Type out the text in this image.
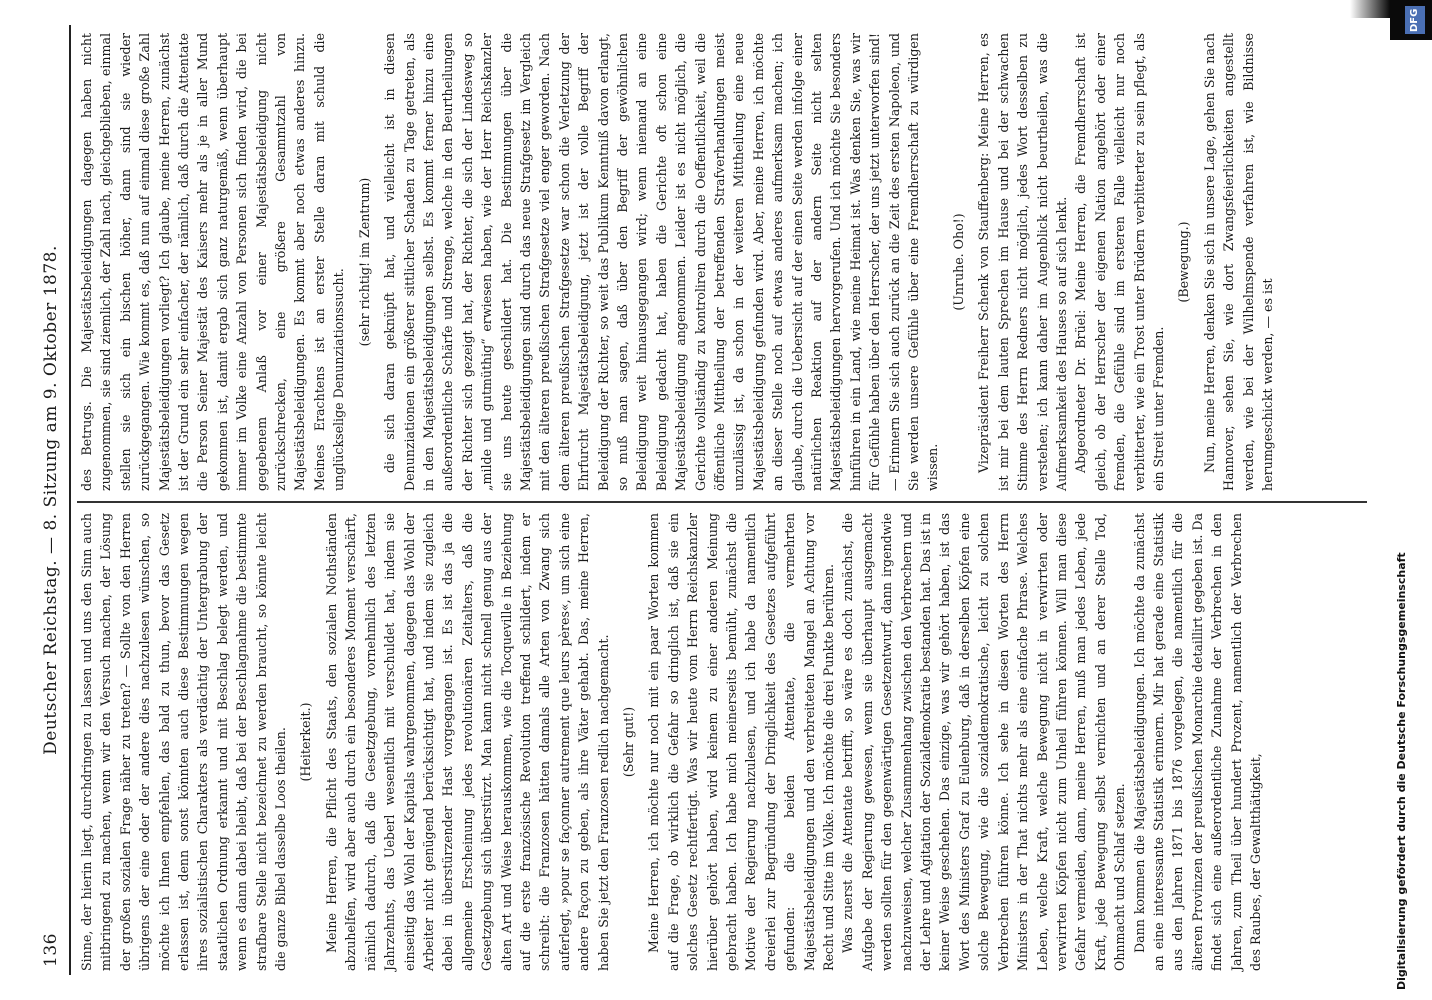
DFG
Digitalisierung gefördert durch die Deutsche Forschungsgemeinschaft
136
Deutscher Reichstag. — 8. Sitzung am 9. Oktober 1878. Sinne, der hierin liegt, durchdringen zu lassen und uns den Sinn auch mitbringend zu machen, wenn wir den Versuch machen, der Lösung der großen sozialen Frage näher zu treten? — Sollte von den Herren übrigens der eine oder der andere dies nachzulesen wünschen, so möchte ich Ihnen empfehlen, das bald zu thun, bevor das Gesetz erlassen ist, denn sonst könnten auch diese Bestimmungen wegen ihres sozialistischen Charakters als verdächtig der Untergrabung der staatlichen Ordnung erkannt und mit Beschlag belegt werden, und wenn es dann dabei bleibt, daß bei der Beschlagnahme die bestimmte strafbare Stelle nicht bezeichnet zu werden braucht, so könnte leicht die ganze Bibel dasselbe Loos theilen. (Heiterkeit.) Meine Herren, die Pflicht des Staats, den sozialen Nothständen abzuhelfen, wird aber auch durch ein besonderes Moment verschärft, nämlich dadurch, daß die Gesetzgebung, vornehmlich des letzten Jahrzehnts, das Ueberl wesentlich mit verschuldet hat, indem sie einseitig das Wohl der Kapitals wahrgenommen, dagegen das Wohl der Arbeiter nicht genügend berücksichtigt hat, und indem sie zugleich dabei in überstürzender Hast vorgegangen ist. Es ist das ja die allgemeine Erscheinung jedes revolutionären Zeitalters, daß die Gesetzgebung sich überstürzt. Man kann nicht schnell genug aus der alten Art und Weise herauskommen, wie die Tocqueville in Beziehung auf die erste französische Revolution treffend schildert, indem er schreibt: die Franzosen hätten damals alle Arten von Zwang sich auferlegt, »pour se façonner autrement que leurs pères«, um sich eine andere Façon zu geben, als ihre Väter gehabt. Das, meine Herren, haben Sie jetzt den Franzosen redlich nachgemacht. (Sehr gut!) Meine Herren, ich möchte nur noch mit ein paar Worten kommen auf die Frage, ob wirklich die Gefahr so dringlich ist, daß sie ein solches Gesetz rechtfertigt. Was wir heute vom Herrn Reichskanzler hierüber gehört haben, wird keinem zu einer anderen Meinung gebracht haben. Ich habe mich meinerseits bemüht, zunächst die Motive der Regierung nachzulesen, und ich habe da namentlich dreierlei zur Begründung der Dringlichkeit des Gesetzes aufgeführt gefunden: die beiden Attentate, die vermehrten Majestätsbeleidigungen und den verbreiteten Mangel an Achtung vor Recht und Sitte im Volke. Ich möchte die drei Punkte berühren. Was zuerst die Attentate betrifft, so wäre es doch zunächst, die Aufgabe der Regierung gewesen, wenn sie überhaupt ausgemacht werden sollten für den gegenwärtigen Gesetzentwurf, dann irgendwie nachzuweisen, welcher Zusammenhang zwischen den Verbrechern und der Lehre und Agitation der Sozialdemokratie bestanden hat. Das ist in keiner Weise geschehen. Das einzige, was wir gehört haben, ist das Wort des Ministers Graf zu Eulenburg, daß in derselben Köpfen eine solche Bewegung, wie die sozialdemokratische, leicht zu solchen Verbrechen führen könne. Ich sehe in diesen Worten des Herrn Ministers in der That nichts mehr als eine einfache Phrase. Welches Leben, welche Kraft, welche Bewegung nicht in verwirrten oder verwirrten Köpfen nicht zum Unheil führen können. Will man diese Gefahr vermeiden, dann, meine Herren, muß man jedes Leben, jede Kraft, jede Bewegung selbst vernichten und an derer Stelle Tod, Ohnmacht und Schlaf setzen. Dann kommen die Majestätsbeleidigungen. Ich möchte da zunächst an eine interessante Statistik erinnern. Mir hat gerade eine Statistik aus den Jahren 1871 bis 1876 vorgelegen, die namentlich für die älteren Provinzen der preußischen Monarchie detaillirt gegeben ist. Da findet sich eine außerordentliche Zunahme der Verbrechen in den Jahren, zum Theil über hundert Prozent, namentlich der Verbrechen des Raubes, der Gewaltthätigkeit,

des Betrugs. Die Majestätsbeleidigungen dagegen haben nicht zugenommen, sie sind ziemlich, der Zahl nach, gleichgeblieben, einmal stellen sie sich ein bischen höher, dann sind sie wieder zurückgegangen. Wie kommt es, daß nun auf einmal diese große Zahl Majestätsbeleidigungen vorliegt? Ich glaube, meine Herren, zunächst ist der Grund ein sehr einfacher, der nämlich, daß durch die Attentate die Person Seiner Majestät des Kaisers mehr als je in aller Mund gekommen ist, damit ergab sich ganz naturgemäß, wenn überhaupt immer im Volke eine Anzahl von Personen sich finden wird, die bei gegebenem Anlaß vor einer Majestätsbeleidigung nicht zurückschrecken, eine größere Gesammtzahl von Majestätsbeleidigungen. Es kommt aber noch etwas anderes hinzu. Meines Erachtens ist an erster Stelle daran mit schuld die unglückselige Denunziationssucht.

(sehr richtig! im Zentrum) die sich daran geknüpft hat, und vielleicht ist in diesen Denunziationen ein größerer sittlicher Schaden zu Tage getreten, als in den Majestätsbeleidigungen selbst. Es kommt ferner hinzu eine außerordentliche Schärfe und Strenge, welche in den Beurtheilungen der Richter sich gezeigt hat, der Richter, die sich der Lindesweg so „milde und gutmüthig“ erwiesen haben, wie der Herr Reichskanzler sie uns heute geschildert hat. Die Bestimmungen über die Majestätsbeleidigungen sind durch das neue Strafgesetz im Vergleich mit den älteren preußischen Strafgesetze viel enger geworden. Nach dem älteren preußischen Strafgesetze war schon die Verletzung der Ehrfurcht Majestätsbeleidigung, jetzt ist der volle Begriff der Beleidigung der Richter, so weit das Publikum Kenntniß davon erlangt, so muß man sagen, daß über den Begriff der gewöhnlichen Beleidigung weit hinausgegangen wird; wenn niemand an eine Beleidigung gedacht hat, haben die Gerichte oft schon eine Majestätsbeleidigung angenommen. Leider ist es nicht möglich, die Gerichte vollständig zu kontroliren durch die Oeffentlichkeit, weil die öffentliche Mittheilung der betreffenden Strafverhandlungen meist unzulässig ist, da schon in der weiteren Mittheilung eine neue Majestätsbeleidigung gefunden wird. Aber, meine Herren, ich möchte an dieser Stelle noch auf etwas anderes aufmerksam machen; ich glaube, durch die Uebersicht auf der einen Seite werden infolge einer natürlichen Reaktion auf der andern Seite nicht selten Majestätsbeleidigungen hervorgerufen. Und ich möchte Sie besonders hinführen in ein Land, wie meine Heimat ist. Was denken Sie, was wir für Gefühle haben über den Herrscher, der uns jetzt unterworfen sind! — Erinnern Sie sich auch zurück an die Zeit des ersten Napoleon, und Sie werden unsere Gefühle über eine Fremdherrschaft zu würdigen wissen.

(Unruhe. Oho!) Vizepräsident Freiherr Schenk von Stauffenberg: Meine Herren, es ist mir bei dem lauten Sprechen im Hause und bei der schwachen Stimme des Herrn Redners nicht möglich, jedes Wort desselben zu verstehen; ich kann daher im Augenblick nicht beurtheilen, was die Aufmerksamkeit des Hauses so auf sich lenkt. Abgeordneter Dr. Brüel: Meine Herren, die Fremdherrschaft ist gleich, ob der Herrscher der eigenen Nation angehört oder einer fremden, die Gefühle sind im ersteren Falle vielleicht nur noch verbitterter, wie ein Trost unter Brüdern verbitterter zu sein pflegt, als ein Streit unter Fremden.

(Bewegung.) Nun, meine Herren, denken Sie sich in unsere Lage, gehen Sie nach Hannover, sehen Sie, wie dort Zwangsfeierlichkeiten angestellt werden, wie bei der Wilhelmspende verfahren ist, wie Bildnisse herumgeschickt werden, — es ist
